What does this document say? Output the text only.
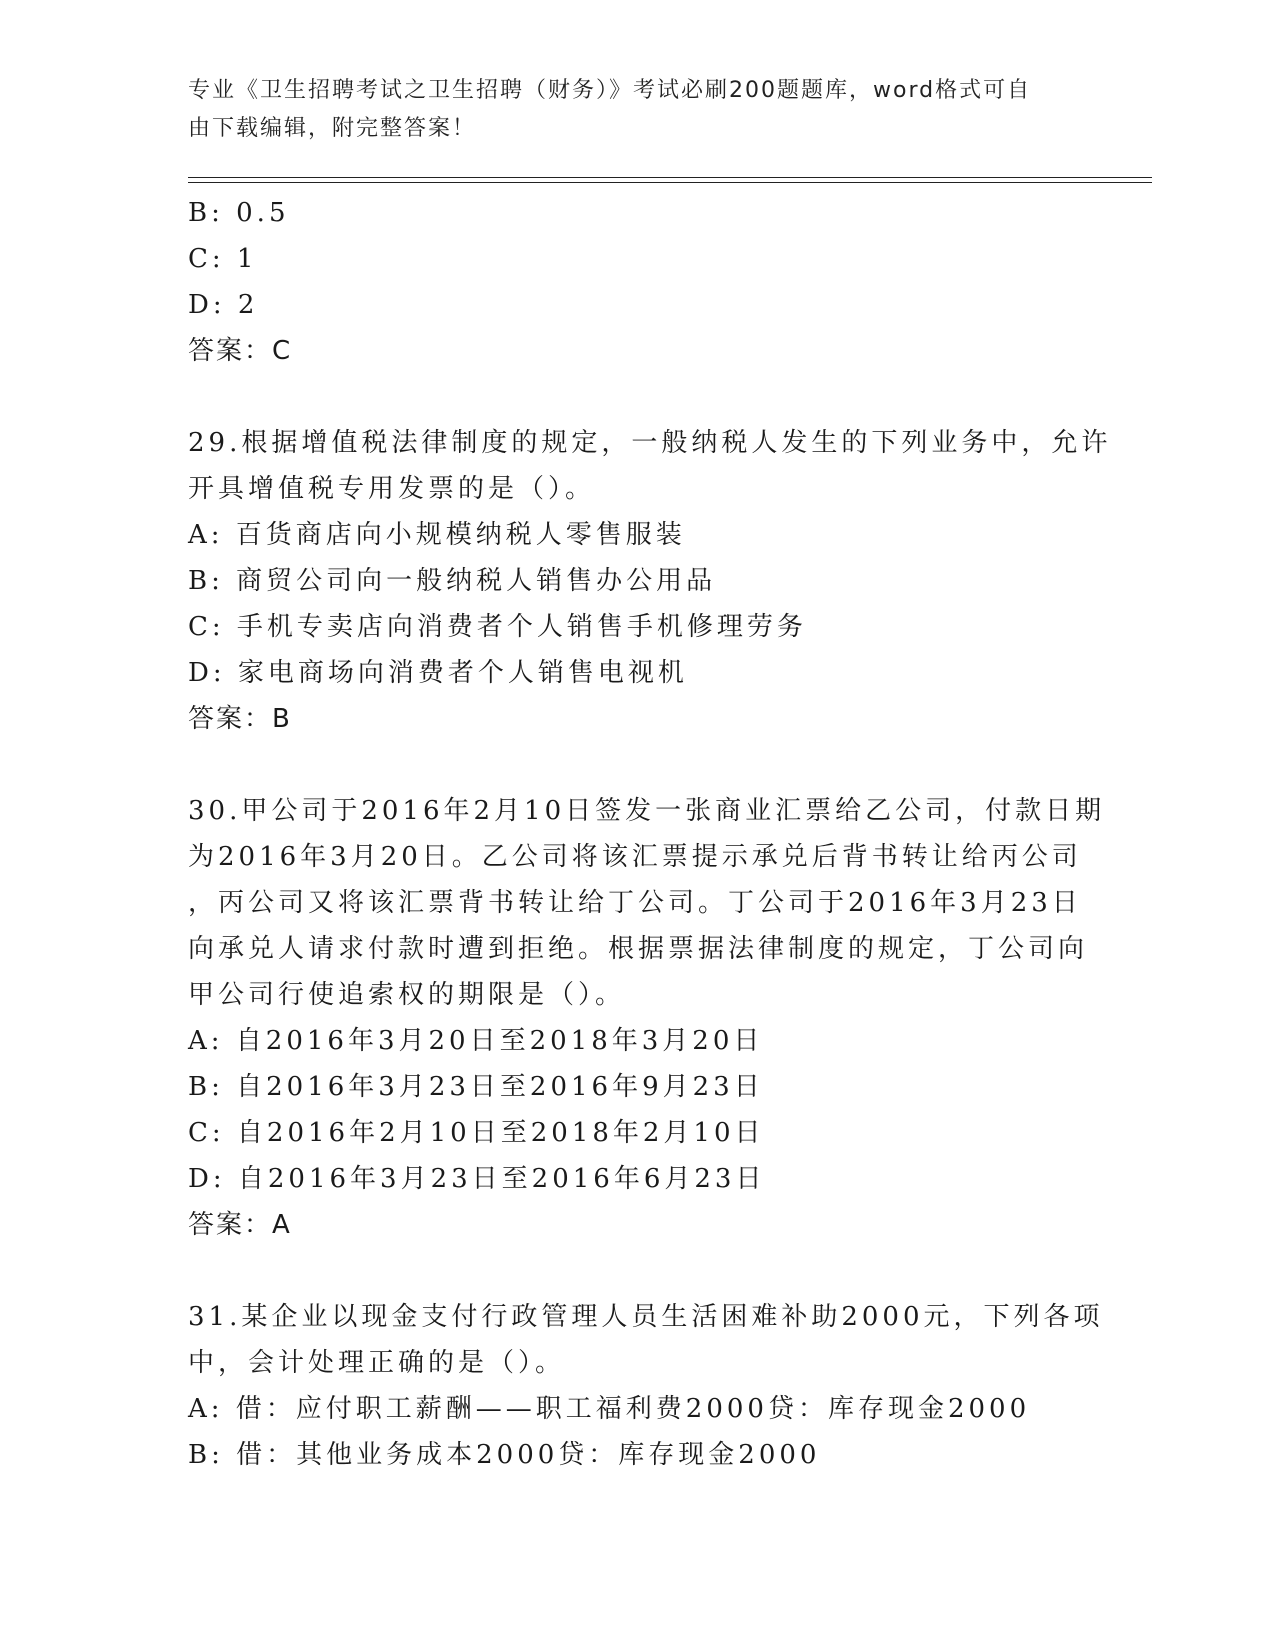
专业《卫生招聘考试之卫生招聘（财务）》考试必刷200题题库，word格式可自
由下载编辑，附完整答案！
B: 0.5
C: 1
D: 2
答案：C
29.根据增值税法律制度的规定，一般纳税人发生的下列业务中，允许
开具增值税专用发票的是（）。
A: 百货商店向小规模纳税人零售服装
B: 商贸公司向一般纳税人销售办公用品
C: 手机专卖店向消费者个人销售手机修理劳务
D: 家电商场向消费者个人销售电视机
答案：B
30.甲公司于2016年2月10日签发一张商业汇票给乙公司，付款日期
为2016年3月20日。乙公司将该汇票提示承兑后背书转让给丙公司
，丙公司又将该汇票背书转让给丁公司。丁公司于2016年3月23日
向承兑人请求付款时遭到拒绝。根据票据法律制度的规定，丁公司向
甲公司行使追索权的期限是（）。
A: 自2016年3月20日至2018年3月20日
B: 自2016年3月23日至2016年9月23日
C: 自2016年2月10日至2018年2月10日
D: 自2016年3月23日至2016年6月23日
答案：A
31.某企业以现金支付行政管理人员生活困难补助2000元，下列各项
中，会计处理正确的是（）。
A: 借：应付职工薪酬——职工福利费2000贷：库存现金2000
B: 借：其他业务成本2000贷：库存现金2000
